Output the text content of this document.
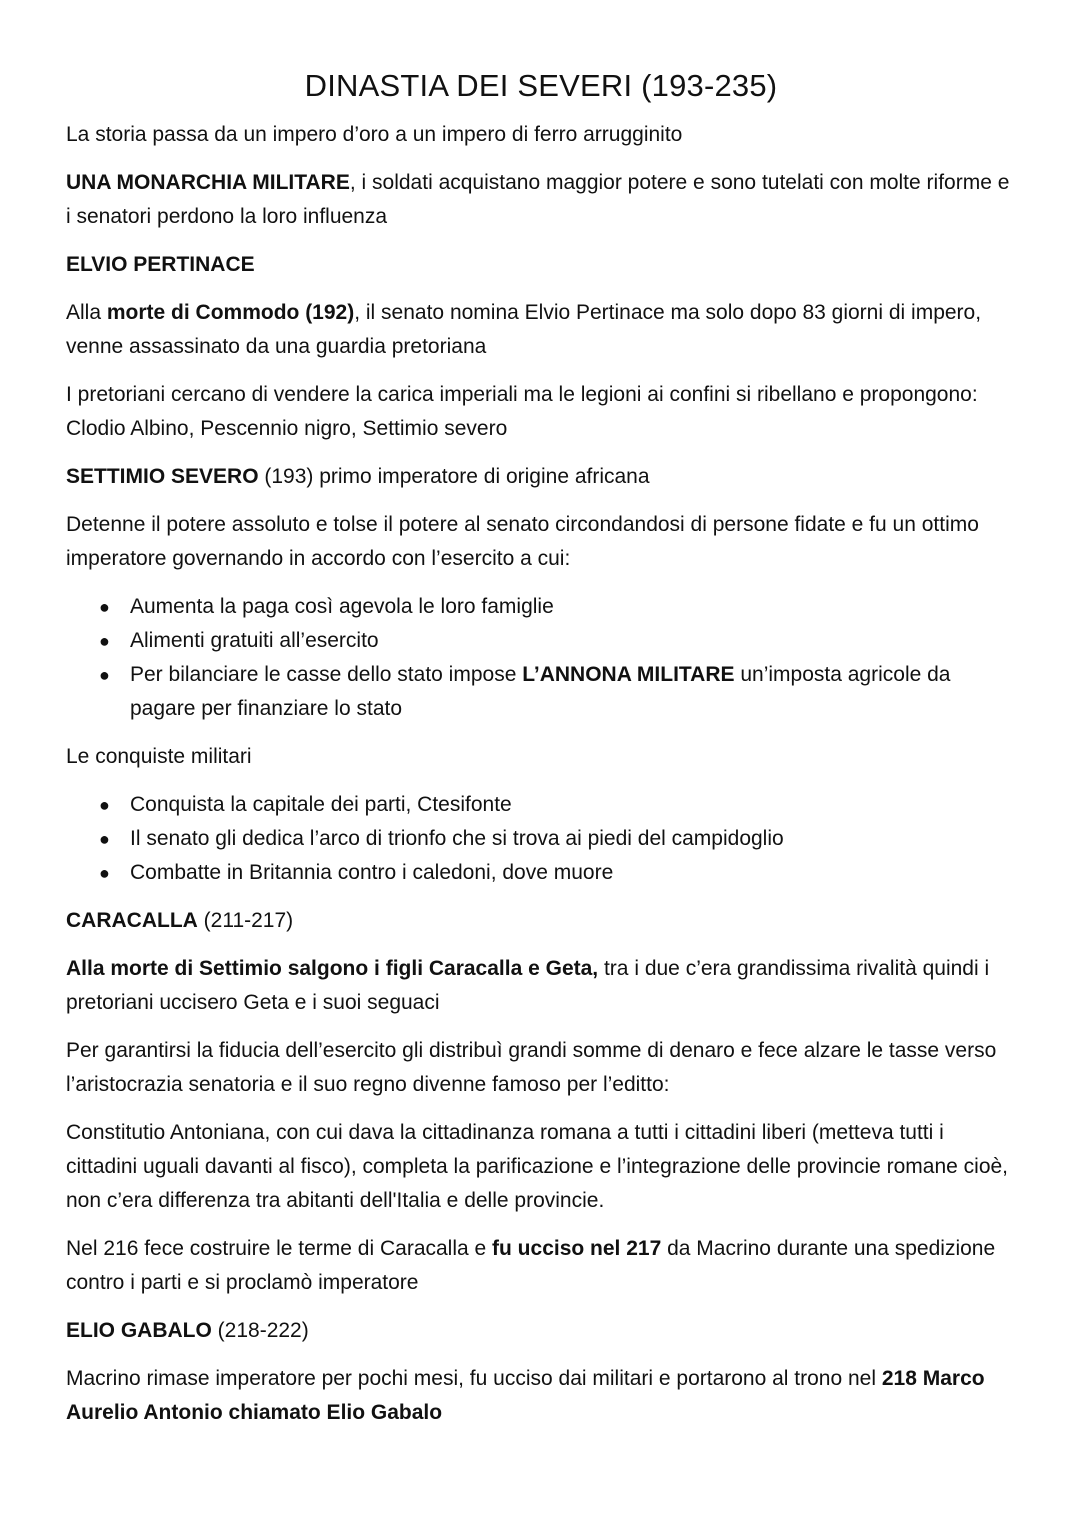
DINASTIA DEI SEVERI (193-235)

La storia passa da un impero d’oro a un impero di ferro arrugginito

UNA MONARCHIA MILITARE, i soldati acquistano maggior potere e sono tutelati con molte riforme e i senatori perdono la loro influenza

ELVIO PERTINACE

Alla morte di Commodo (192), il senato nomina Elvio Pertinace ma solo dopo 83 giorni di impero, venne assassinato da una guardia pretoriana

I pretoriani cercano di vendere la carica imperiali ma le legioni ai confini si ribellano e propongono: Clodio Albino, Pescennio nigro, Settimio severo

SETTIMIO SEVERO (193) primo imperatore di origine africana

Detenne il potere assoluto e tolse il potere al senato circondandosi di persone fidate e fu un ottimo imperatore governando in accordo con l’esercito a cui:

● Aumenta la paga così agevola le loro famiglie
● Alimenti gratuiti all’esercito
● Per bilanciare le casse dello stato impose L’ANNONA MILITARE un’imposta agricole da pagare per finanziare lo stato

Le conquiste militari

● Conquista la capitale dei parti, Ctesifonte
● Il senato gli dedica l’arco di trionfo che si trova ai piedi del campidoglio
● Combatte in Britannia contro i caledoni, dove muore

CARACALLA (211-217)

Alla morte di Settimio salgono i figli Caracalla e Geta, tra i due c’era grandissima rivalità quindi i pretoriani uccisero Geta e i suoi seguaci

Per garantirsi la fiducia dell’esercito gli distribuì grandi somme di denaro e fece alzare le tasse verso l’aristocrazia senatoria e il suo regno divenne famoso per l’editto:

Constitutio Antoniana, con cui dava la cittadinanza romana a tutti i cittadini liberi (metteva tutti i cittadini uguali davanti al fisco), completa la parificazione e l’integrazione delle provincie romane cioè, non c’era differenza tra abitanti dell'Italia e delle provincie.

Nel 216 fece costruire le terme di Caracalla e fu ucciso nel 217 da Macrino durante una spedizione contro i parti e si proclamò imperatore

ELIO GABALO (218-222)

Macrino rimase imperatore per pochi mesi, fu ucciso dai militari e portarono al trono nel 218 Marco Aurelio Antonio chiamato Elio Gabalo
